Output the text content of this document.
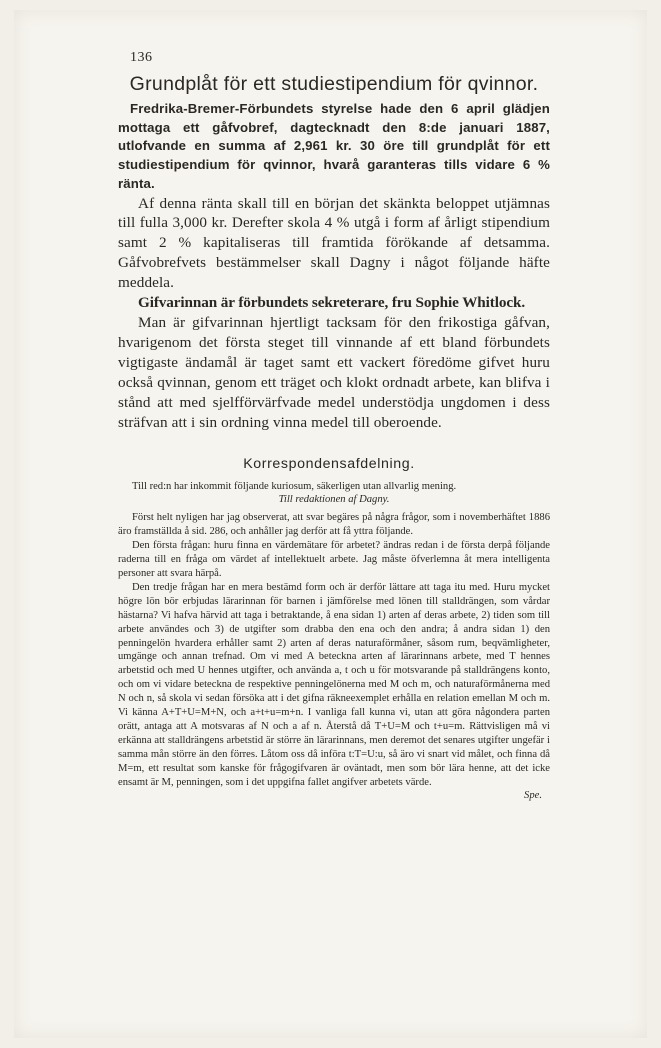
136
Grundplåt för ett studiestipendium för qvinnor.

Fredrika-Bremer-Förbundets styrelse hade den 6 april glädjen mottaga ett gåfvobref, dagtecknadt den 8:de januari 1887, utlofvande en summa af 2,961 kr. 30 öre till grundplåt för ett studiestipendium för qvinnor, hvarå garanteras tills vidare 6 % ränta.

Af denna ränta skall till en början det skänkta beloppet utjämnas till fulla 3,000 kr. Derefter skola 4 % utgå i form af årligt stipendium samt 2 % kapitaliseras till framtida förökande af detsamma. Gåfvobrefvets bestämmelser skall Dagny i något följande häfte meddela.

Gifvarinnan är förbundets sekreterare, fru Sophie Whitlock.

Man är gifvarinnan hjertligt tacksam för den frikostiga gåfvan, hvarigenom det första steget till vinnande af ett bland förbundets vigtigaste ändamål är taget samt ett vackert föredöme gifvet huru också qvinnan, genom ett träget och klokt ordnadt arbete, kan blifva i stånd att med sjelfförvärfvade medel understödja ungdomen i dess sträfvan att i sin ordning vinna medel till oberoende.

Korrespondensafdelning.

Till red:n har inkommit följande kuriosum, säkerligen utan allvarlig mening.

Till redaktionen af Dagny.

Först helt nyligen har jag observerat, att svar begäres på några frågor, som i novemberhäftet 1886 äro framställda å sid. 286, och anhåller jag derför att få yttra följande.

Den första frågan: huru finna en värdemätare för arbetet? ändras redan i de första derpå följande raderna till en fråga om värdet af intellektuelt arbete. Jag måste öfverlemna åt mera intelligenta personer att svara härpå.

Den tredje frågan har en mera bestämd form och är derför lättare att taga itu med. Huru mycket högre lön bör erbjudas lärarinnan för barnen i jämförelse med lönen till stalldrängen, som vårdar hästarna? Vi hafva härvid att taga i betraktande, å ena sidan 1) arten af deras arbete, 2) tiden som till arbete användes och 3) de utgifter som drabba den ena och den andra; å andra sidan 1) den penningelön hvardera erhåller samt 2) arten af deras naturaförmåner, såsom rum, beqvämligheter, umgänge och annan trefnad. Om vi med A beteckna arten af lärarinnans arbete, med T hennes arbetstid och med U hennes utgifter, och använda a, t och u för motsvarande på stalldrängens konto, och om vi vidare beteckna de respektive penningelönerna med M och m, och naturaförmånerna med N och n, så skola vi sedan försöka att i det gifna räkneexemplet erhålla en relation emellan M och m. Vi känna A+T+U=M+N, och a+t+u=m+n. I vanliga fall kunna vi, utan att göra någondera parten orätt, antaga att A motsvaras af N och a af n. Återstå då T+U=M och t+u=m. Rättvisligen må vi erkänna att stalldrängens arbetstid är större än lärarinnans, men deremot det senares utgifter ungefär i samma mån större än den förres. Låtom oss då införa t:T=U:u, så äro vi snart vid målet, och finna då M=m, ett resultat som kanske för frågogifvaren är oväntadt, men som bör lära henne, att det icke ensamt är M, penningen, som i det uppgifna fallet angifver arbetets värde.

Spe.
